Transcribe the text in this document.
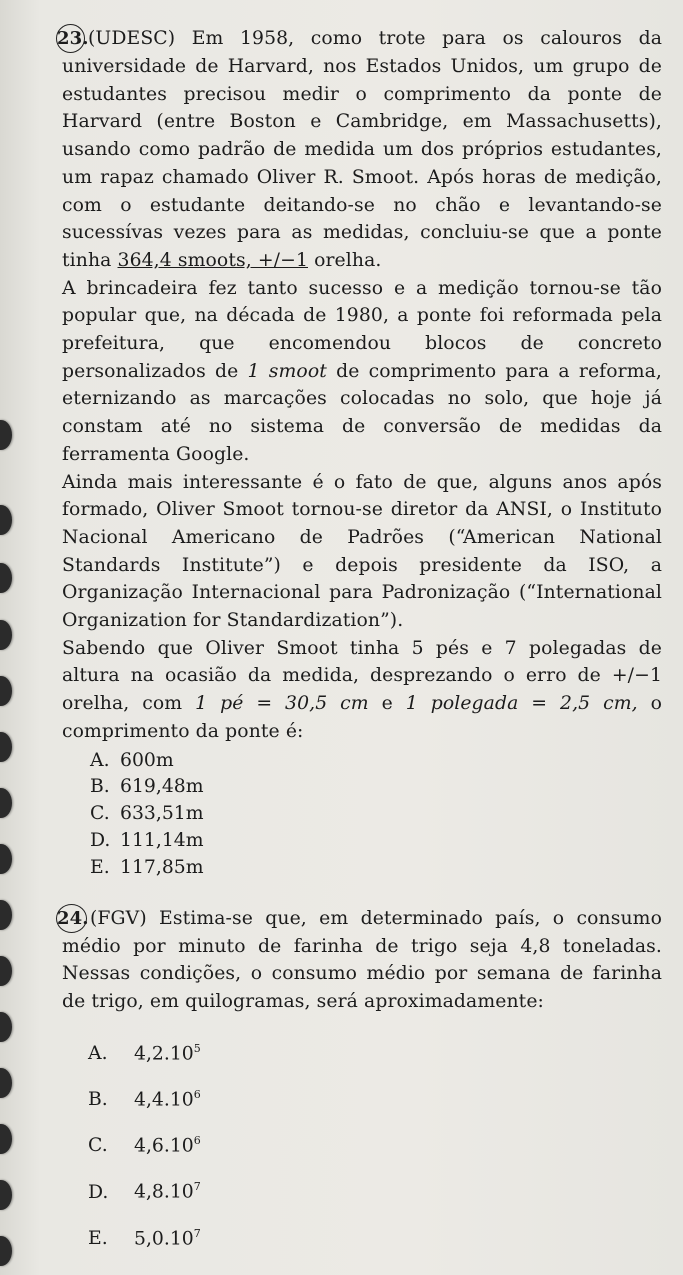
23.(UDESC) Em 1958, como trote para os calouros da universidade de Harvard, nos Estados Unidos, um grupo de estudantes precisou medir o comprimento da ponte de Harvard (entre Boston e Cambridge, em Massachusetts), usando como padrão de medida um dos próprios estudantes, um rapaz chamado Oliver R. Smoot. Após horas de medição, com o estudante deitando-se no chão e levantando-se sucessívas vezes para as medidas, concluiu-se que a ponte tinha 364,4 smoots, +/−1 orelha.

A brincadeira fez tanto sucesso e a medição tornou-se tão popular que, na década de 1980, a ponte foi reformada pela prefeitura, que encomendou blocos de concreto personalizados de 1 smoot de comprimento para a reforma, eternizando as marcações colocadas no solo, que hoje já constam até no sistema de conversão de medidas da ferramenta Google.

Ainda mais interessante é o fato de que, alguns anos após formado, Oliver Smoot tornou-se diretor da ANSI, o Instituto Nacional Americano de Padrões (“American National Standards Institute”) e depois presidente da ISO, a Organização Internacional para Padronização (“International Organization for Standardization”).

Sabendo que Oliver Smoot tinha 5 pés e 7 polegadas de altura na ocasião da medida, desprezando o erro de +/−1 orelha, com 1 pé = 30,5 cm e 1 polegada = 2,5 cm, o comprimento da ponte é:

A. 600m
B. 619,48m
C. 633,51m
D. 111,14m
E. 117,85m

24.(FGV) Estima-se que, em determinado país, o consumo médio por minuto de farinha de trigo seja 4,8 toneladas. Nessas condições, o consumo médio por semana de farinha de trigo, em quilogramas, será aproximadamente:

A. 4,2.10$^5$
B. 4,4.10$^6$
C. 4,6.10$^6$
D. 4,8.10$^7$
E. 5,0.10$^7$
